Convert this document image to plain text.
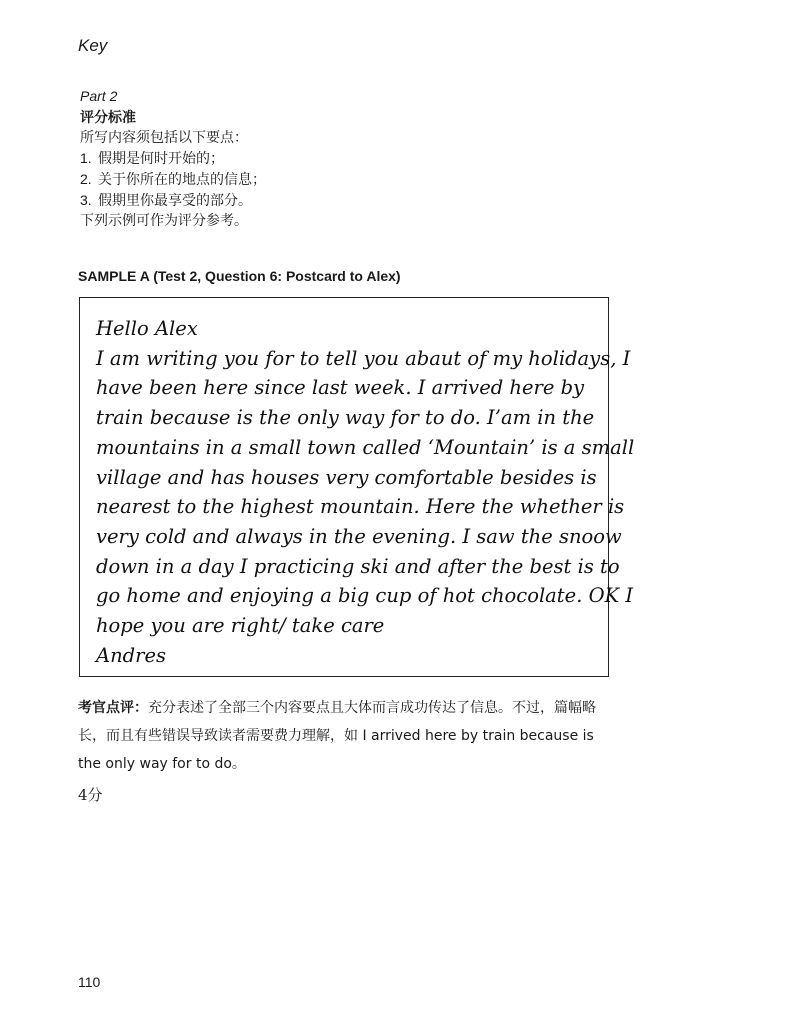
Key
Part 2
评分标准
所写内容须包括以下要点：
1. 假期是何时开始的；
2. 关于你所在的地点的信息；
3. 假期里你最享受的部分。
下列示例可作为评分参考。
SAMPLE A (Test 2, Question 6: Postcard to Alex)
Hello Alex
I am writing you for to tell you abaut of my holidays, I
have been here since last week. I arrived here by
train because is the only way for to do. I’am in the
mountains in a small town called ‘Mountain’ is a small
village and has houses very comfortable besides is
nearest to the highest mountain. Here the whether is
very cold and always in the evening. I saw the snoow
down in a day I practicing ski and after the best is to
go home and enjoying a big cup of hot chocolate. OK I
hope you are right/ take care
Andres
考官点评：充分表述了全部三个内容要点且大体而言成功传达了信息。不过，篇幅略长，而且有些错误导致读者需要费力理解，如 I arrived here by train because is the only way for to do。
4分
110
